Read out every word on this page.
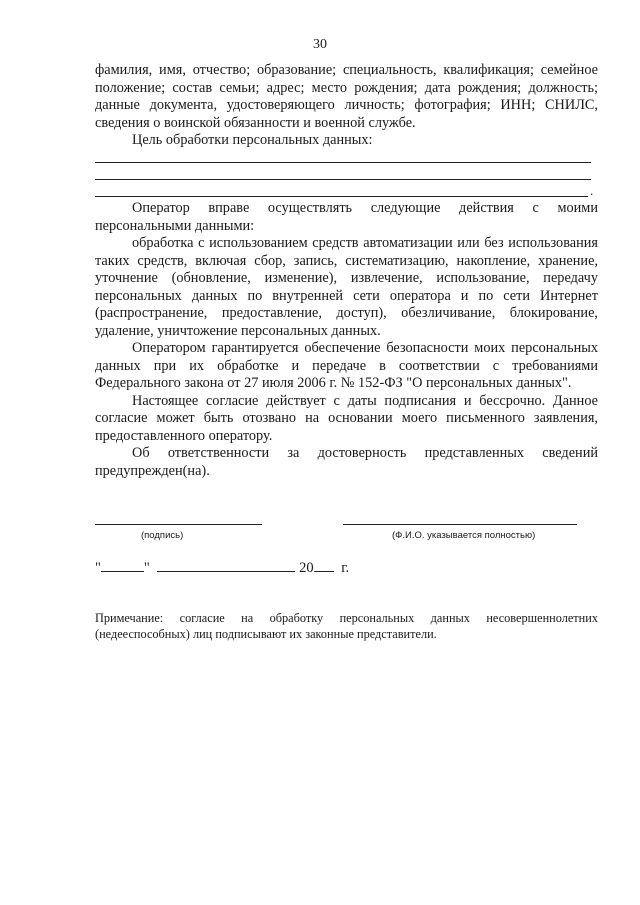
30

фамилия, имя, отчество; образование; специальность, квалификация; семейное положение; состав семьи; адрес; место рождения; дата рождения; должность; данные документа, удостоверяющего личность; фотография; ИНН; СНИЛС, сведения о воинской обязанности и военной службе.

Цель обработки персональных данных:

.

Оператор вправе осуществлять следующие действия с моими персональными данными:

обработка с использованием средств автоматизации или без использования таких средств, включая сбор, запись, систематизацию, накопление, хранение, уточнение (обновление, изменение), извлечение, использование, передачу персональных данных по внутренней сети оператора и по сети Интернет (распространение, предоставление, доступ), обезличивание, блокирование, удаление, уничтожение персональных данных.

Оператором гарантируется обеспечение безопасности моих персональных данных при их обработке и передаче в соответствии с требованиями Федерального закона от 27 июля 2006 г. № 152-ФЗ "О персональных данных".

Настоящее согласие действует с даты подписания и бессрочно. Данное согласие может быть отозвано на основании моего письменного заявления, предоставленного оператору.

Об ответственности за достоверность представленных сведений предупрежден(на).

(подпись)	(Ф.И.О. указывается полностью)
"	"	20 г.

Примечание: согласие на обработку персональных данных несовершеннолетних (недееспособных) лиц подписывают их законные представители.
